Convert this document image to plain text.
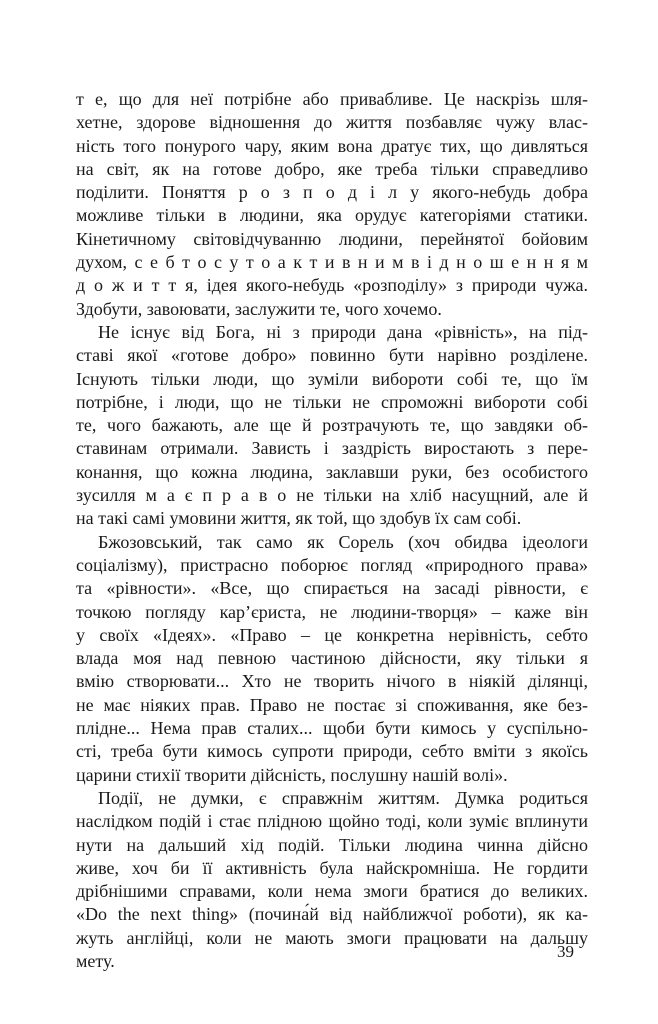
т е, що для неї потрібне або привабливе. Це наскрізь шля-
хетне, здорове відношення до життя позбавляє чужу влас-
ність того понурого чару, яким вона дратує тих, що дивляться
на світ, як на готове добро, яке треба тільки справедливо
поділити. Поняття р о з п о д і л у якого-небудь добра
можливе тільки в людини, яка орудує категоріями статики.
Кінетичному світовідчуванню людини, перейнятої бойовим
духом, с е б т о с у т о а к т и в н и м в і д н о ш е н н я м
д о ж и т т я, ідея якого-небудь «розподілу» з природи чужа.
Здобути, завоювати, заслужити те, чого хочемо.
Не існує від Бога, ні з природи дана «рівність», на під-
ставі якої «готове добро» повинно бути нарівно розділене.
Існують тільки люди, що зуміли вибороти собі те, що їм
потрібне, і люди, що не тільки не спроможні вибороти собі
те, чого бажають, але ще й розтрачують те, що завдяки об-
ставинам отримали. Зависть і заздрість виростають з пере-
конання, що кожна людина, заклавши руки, без особистого
зусилля м а є п р а в о не тільки на хліб насущний, але й
на такі самі умовини життя, як той, що здобув їх сам собі.
Бжозовський, так само як Сорель (хоч обидва ідеологи
соціалізму), пристрасно поборює погляд «природного права»
та «рівности». «Все, що спирається на засаді рівности, є
точкою погляду кар’єриста, не людини-творця» – каже він
у своїх «Ідеях». «Право – це конкретна нерівність, себто
влада моя над певною частиною дійсности, яку тільки я
вмію створювати... Хто не творить нічого в ніякій ділянці,
не має ніяких прав. Право не постає зі споживання, яке без-
плідне... Нема прав сталих... щоби бути кимось у суспільно-
сті, треба бути кимось супроти природи, себто вміти з якоїсь
царини стихії творити дійсність, послушну нашій волі».
Події, не думки, є справжнім життям. Думка родиться
наслідком подій і стає плідною щойно тоді, коли зуміє вплинути
нути на дальший хід подій. Тільки людина чинна дійсно
живе, хоч би її активність була найскромніша. Не гордити
дрібнішими справами, коли нема змоги братися до великих.
«Do the next thing» (почина́й від найближчої роботи), як ка-
жуть англійці, коли не мають змоги працювати на дальшу
мету.	39
